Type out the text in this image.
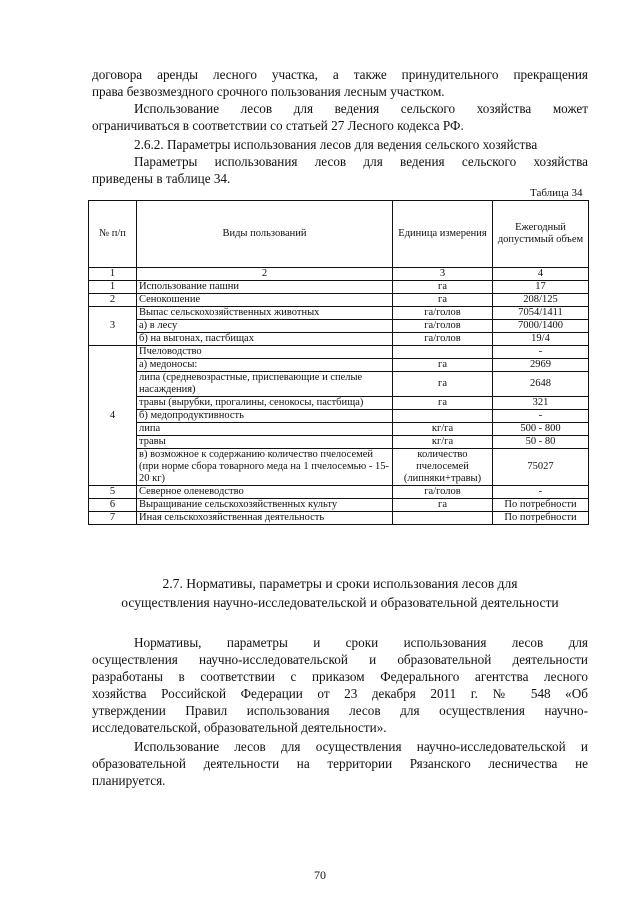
договора аренды лесного участка, а также принудительного прекращения
права безвозмездного срочного пользования лесным участком.
Использование лесов для ведения сельского хозяйства может
ограничиваться в соответствии со статьей 27 Лесного кодекса РФ.
2.6.2. Параметры использования лесов для ведения сельского хозяйства
Параметры использования лесов для ведения сельского хозяйства
приведены в таблице 34.
Таблица 34
№ п/п	Виды пользований	Единица измерения	Ежегодный допустимый объем
1	2	3	4
1	Использование пашни	га	17
2	Сенокошение	га	208/125
3	Выпас сельскохозяйственных животных	га/голов	7054/1411
	а) в лесу	га/голов	7000/1400
	б) на выгонах, пастбищах	га/голов	19/4
4	Пчеловодство		-
	а) медоносы:	га	2969
	липа (средневозрастные, приспевающие и спелые насаждения)	га	2648
	травы (вырубки, прогалины, сенокосы, пастбища)	га	321
	б) медопродуктивность		-
	липа	кг/га	500 - 800
	травы	кг/га	50 - 80
	в) возможное к содержанию количество пчелосемей (при норме сбора товарного меда на 1 пчелосемью - 15-20 кг)	количество пчелосемей (липняки+травы)	75027
5	Северное оленеводство	га/голов	-
6	Выращивание сельскохозяйственных культу	га	По потребности
7	Иная сельскохозяйственная деятельность		По потребности
2.7. Нормативы, параметры и сроки использования лесов для
осуществления научно-исследовательской и образовательной деятельности
Нормативы, параметры и сроки использования лесов для
осуществления научно-исследовательской и образовательной деятельности
разработаны в соответствии с приказом Федерального агентства лесного
хозяйства Российской Федерации от 23 декабря 2011 г. № 548 «Об
утверждении Правил использования лесов для осуществления научно-
исследовательской, образовательной деятельности».
Использование лесов для осуществления научно-исследовательской и
образовательной деятельности на территории Рязанского лесничества не
планируется.
70
